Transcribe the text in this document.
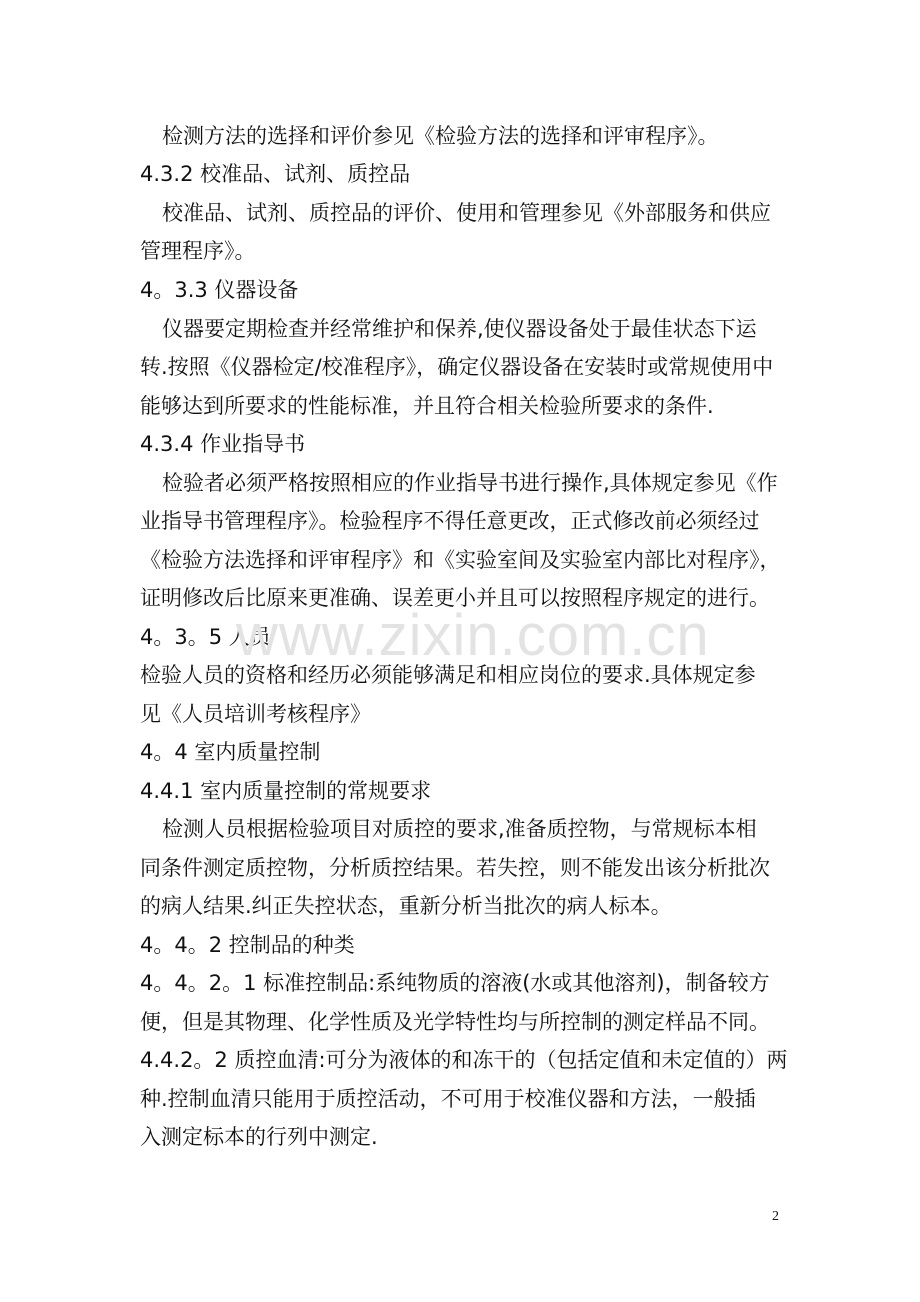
检测方法的选择和评价参见《检验方法的选择和评审程序》。

4.3.2 校准品、试剂、质控品

校准品、试剂、质控品的评价、使用和管理参见《外部服务和供应

管理程序》。

4。3.3 仪器设备

仪器要定期检查并经常维护和保养,使仪器设备处于最佳状态下运

转.按照《仪器检定/校准程序》，确定仪器设备在安装时或常规使用中

能够达到所要求的性能标准，并且符合相关检验所要求的条件.

4.3.4 作业指导书

检验者必须严格按照相应的作业指导书进行操作,具体规定参见《作

业指导书管理程序》。检验程序不得任意更改，正式修改前必须经过

《检验方法选择和评审程序》和《实验室间及实验室内部比对程序》，

证明修改后比原来更准确、误差更小并且可以按照程序规定的进行。

4。3。5 人员

检验人员的资格和经历必须能够满足和相应岗位的要求.具体规定参

见《人员培训考核程序》

4。4 室内质量控制

4.4.1 室内质量控制的常规要求

检测人员根据检验项目对质控的要求,准备质控物，与常规标本相

同条件测定质控物，分析质控结果。若失控，则不能发出该分析批次

的病人结果.纠正失控状态，重新分析当批次的病人标本。

4。4。2 控制品的种类

4。4。2。1 标准控制品:系纯物质的溶液(水或其他溶剂)，制备较方

便，但是其物理、化学性质及光学特性均与所控制的测定样品不同。

4.4.2。2 质控血清:可分为液体的和冻干的（包括定值和未定值的）两

种.控制血清只能用于质控活动，不可用于校准仪器和方法，一般插

入测定标本的行列中测定.

www.zixin.com.cn
2
